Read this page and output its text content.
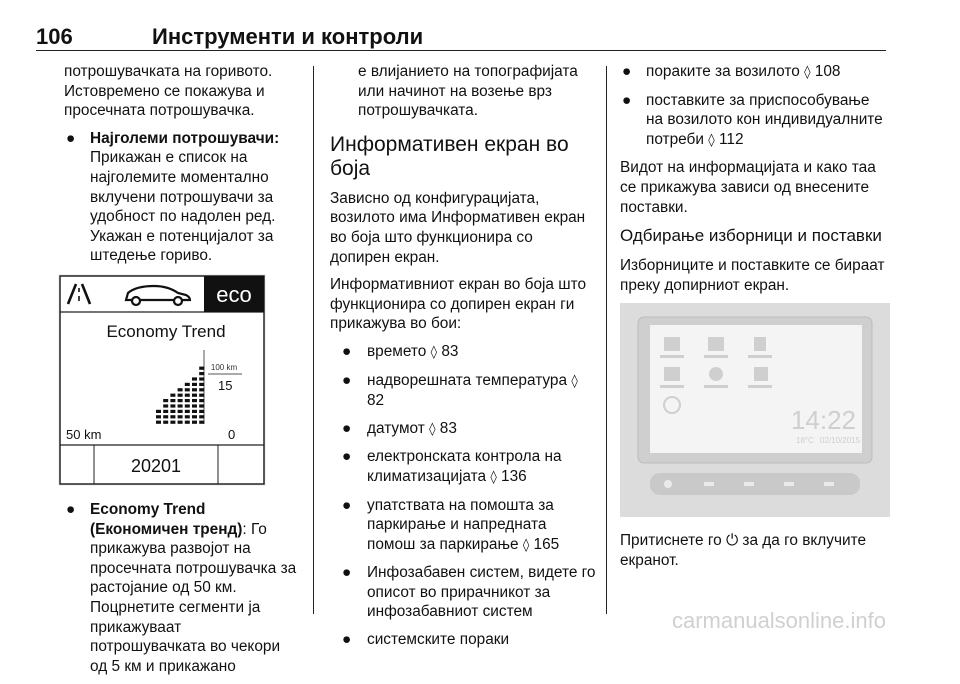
106	Инструменти и контроли

потрошувачката на горивото. Истовремено се покажува и просечната потрошувачка.

● Најголеми потрошувачи:
Прикажан е список на најголемите моментално вклучени потрошувачи за удобност по надолен ред. Укажан е потенцијалот за штедење гориво.
eco
Economy Trend
100 km
15
50 km	0
20201
● Economy Trend (Економичен тренд): Го прикажува развојот на просечната потрошувачка за растојание од 50 км. Поцрнетите сегменти ја прикажуваат потрошувачката во чекори од 5 км и прикажано

е влијанието на топографијата или начинот на возење врз потрошувачката.

Информативен екран во боја

Зависно од конфигурацијата, возилото има Информативен екран во боја што функционира со допирен екран.

Информативниот екран во боја што функционира со допирен екран ги прикажува во бои:

● времето ◊ 83
● надворешната температура ◊ 82
● датумот ◊ 83
● електронската контрола на климатизацијата ◊ 136
● упатствата на помошта за паркирање и напредната помош за паркирање ◊ 165
● Инфозабавен систем, видете го описот во прирачникот за инфозабавниот систем
● системските пораки
● пораките за возилото ◊ 108
● поставките за приспособување на возилото кон индивидуалните потреби ◊ 112

Видот на информацијата и како таа се прикажува зависи од внесените поставки.

Одбирање изборници и поставки

Изборниците и поставките се бираат преку допирниот екран.

14:22
18°C 02/10/2015

Притиснете го ⏻ за да го вклучите екранот.

carmanualsonline.info
